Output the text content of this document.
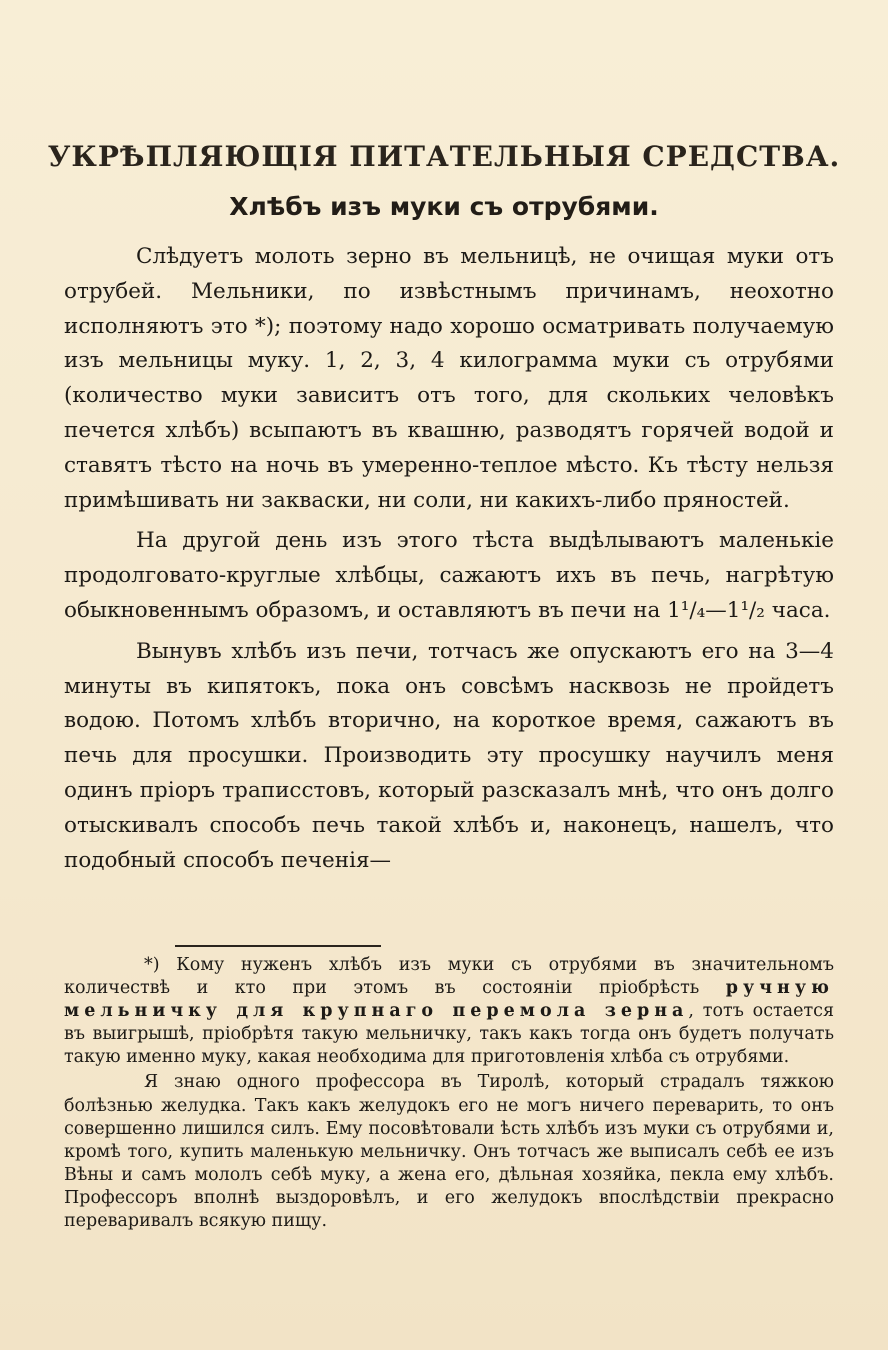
УКРѢПЛЯЮЩІЯ ПИТАТЕЛЬНЫЯ СРЕДСТВА.
Хлѣбъ изъ муки съ отрубями.

Слѣдуетъ молоть зерно въ мельницѣ, не очищая муки отъ отрубей. Мельники, по извѣстнымъ причинамъ, неохотно исполняютъ это *); поэтому надо хорошо осматривать получаемую изъ мельницы муку. 1, 2, 3, 4 килограмма муки съ отрубями (количество муки зависитъ отъ того, для скольких человѣкъ печется хлѣбъ) всыпаютъ въ квашню, разводятъ горячей водой и ставятъ тѣсто на ночь въ умеренно-теплое мѣсто. Къ тѣсту нельзя примѣшивать ни закваски, ни соли, ни какихъ-либо пряностей.

На другой день изъ этого тѣста выдѣлываютъ маленькіе продолговато-круглые хлѣбцы, сажаютъ ихъ въ печь, нагрѣтую обыкновеннымъ образомъ, и оставляютъ въ печи на 1¹/₄—1¹/₂ часа.

Вынувъ хлѣбъ изъ печи, тотчасъ же опускаютъ его на 3—4 минуты въ кипятокъ, пока онъ совсѣмъ насквозь не пройдетъ водою. Потомъ хлѣбъ вторично, на короткое время, сажаютъ въ печь для просушки. Производить эту просушку научилъ меня одинъ пріоръ траписстовъ, который разсказалъ мнѣ, что онъ долго отыскивалъ способъ печь такой хлѣбъ и, наконецъ, нашелъ, что подобный способъ печенія—

*) Кому нуженъ хлѣбъ изъ муки съ отрубями въ значительномъ количествѣ и кто при этомъ въ состояніи пріобрѣсть ручную мельничку для крупнаго перемола зерна, тотъ остается въ выигрышѣ, пріобрѣтя такую мельничку, такъ какъ тогда онъ будетъ получать такую именно муку, какая необходима для приготовленія хлѣба съ отрубями.

Я знаю одного профессора въ Тиролѣ, который страдалъ тяжкою болѣзнью желудка. Такъ какъ желудокъ его не могъ ничего переварить, то онъ совершенно лишился силъ. Ему посовѣтовали ѣсть хлѣбъ изъ муки съ отрубями и, кромѣ того, купить маленькую мельничку. Онъ тотчасъ же выписалъ себѣ ее изъ Вѣны и самъ мололъ себѣ муку, а жена его, дѣльная хозяйка, пекла ему хлѣбъ. Профессоръ вполнѣ выздоровѣлъ, и его желудокъ впослѣдствіи прекрасно переваривалъ всякую пищу.
